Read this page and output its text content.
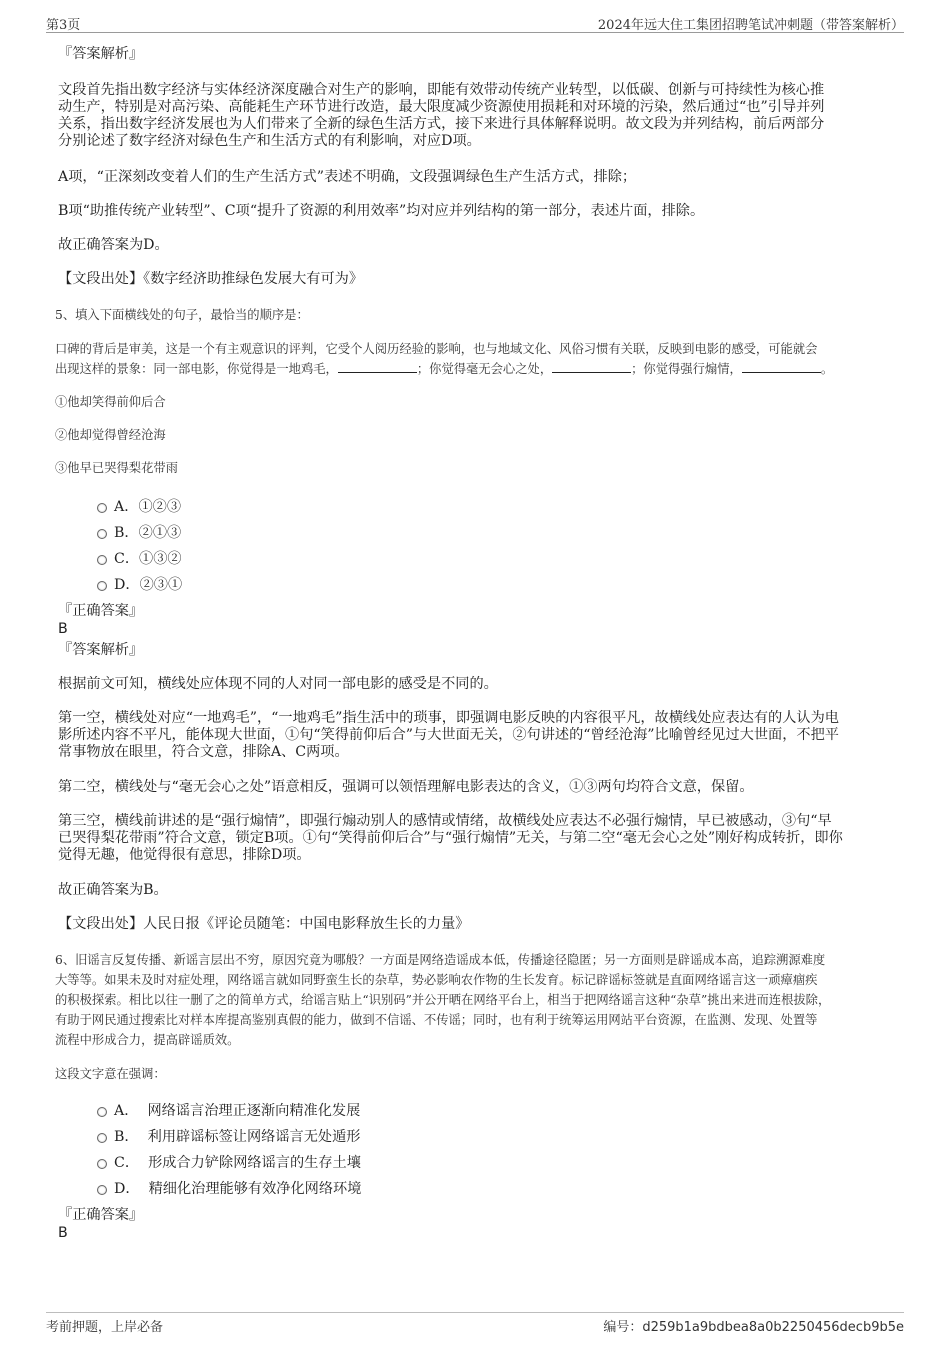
第3页	2024年远大住工集团招聘笔试冲刺题（带答案解析）
『答案解析』
文段首先指出数字经济与实体经济深度融合对生产的影响，即能有效带动传统产业转型，以低碳、创新与可持续性为核心推
动生产，特别是对高污染、高能耗生产环节进行改造，最大限度减少资源使用损耗和对环境的污染，然后通过“也”引导并列
关系，指出数字经济发展也为人们带来了全新的绿色生活方式，接下来进行具体解释说明。故文段为并列结构，前后两部分
分别论述了数字经济对绿色生产和生活方式的有利影响，对应D项。
A项，“正深刻改变着人们的生产生活方式”表述不明确，文段强调绿色生产生活方式，排除；
B项“助推传统产业转型”、C项“提升了资源的利用效率”均对应并列结构的第一部分，表述片面，排除。
故正确答案为D。
【文段出处】《数字经济助推绿色发展大有可为》
5、填入下面横线处的句子，最恰当的顺序是：
口碑的背后是审美，这是一个有主观意识的评判，它受个人阅历经验的影响，也与地域文化、风俗习惯有关联，反映到电影的感受，可能就会
出现这样的景象：同一部电影，你觉得是一地鸡毛，	；你觉得毫无会心之处，	；你觉得强行煽情，	。
①他却笑得前仰后合
②他却觉得曾经沧海
③他早已哭得梨花带雨
A．①②③
B．②①③
C．①③②
D．②③①
『正确答案』
B
『答案解析』
根据前文可知，横线处应体现不同的人对同一部电影的感受是不同的。
第一空，横线处对应“一地鸡毛”，“一地鸡毛”指生活中的琐事，即强调电影反映的内容很平凡，故横线处应表达有的人认为电
影所述内容不平凡，能体现大世面，①句“笑得前仰后合”与大世面无关，②句讲述的“曾经沧海”比喻曾经见过大世面，不把平
常事物放在眼里，符合文意，排除A、C两项。
第二空，横线处与“毫无会心之处”语意相反，强调可以领悟理解电影表达的含义，①③两句均符合文意，保留。
第三空，横线前讲述的是“强行煽情”，即强行煽动别人的感情或情绪，故横线处应表达不必强行煽情，早已被感动，③句“早
已哭得梨花带雨”符合文意，锁定B项。①句“笑得前仰后合”与“强行煽情”无关，与第二空“毫无会心之处”刚好构成转折，即你
觉得无趣，他觉得很有意思，排除D项。
故正确答案为B。
【文段出处】人民日报《评论员随笔：中国电影释放生长的力量》
6、旧谣言反复传播、新谣言层出不穷，原因究竟为哪般？一方面是网络造谣成本低，传播途径隐匿；另一方面则是辟谣成本高，追踪溯源难度
大等等。如果未及时对症处理，网络谣言就如同野蛮生长的杂草，势必影响农作物的生长发育。标记辟谣标签就是直面网络谣言这一顽瘴痼疾
的积极探索。相比以往一删了之的简单方式，给谣言贴上“识别码”并公开晒在网络平台上，相当于把网络谣言这种“杂草”挑出来进而连根拔除，
有助于网民通过搜索比对样本库提高鉴别真假的能力，做到不信谣、不传谣；同时，也有利于统筹运用网站平台资源，在监测、发现、处置等
流程中形成合力，提高辟谣质效。
这段文字意在强调：
A． 网络谣言治理正逐渐向精准化发展
B． 利用辟谣标签让网络谣言无处遁形
C． 形成合力铲除网络谣言的生存土壤
D． 精细化治理能够有效净化网络环境
『正确答案』
B
考前押题，上岸必备	编号：d259b1a9bdbea8a0b2250456decb9b5e
